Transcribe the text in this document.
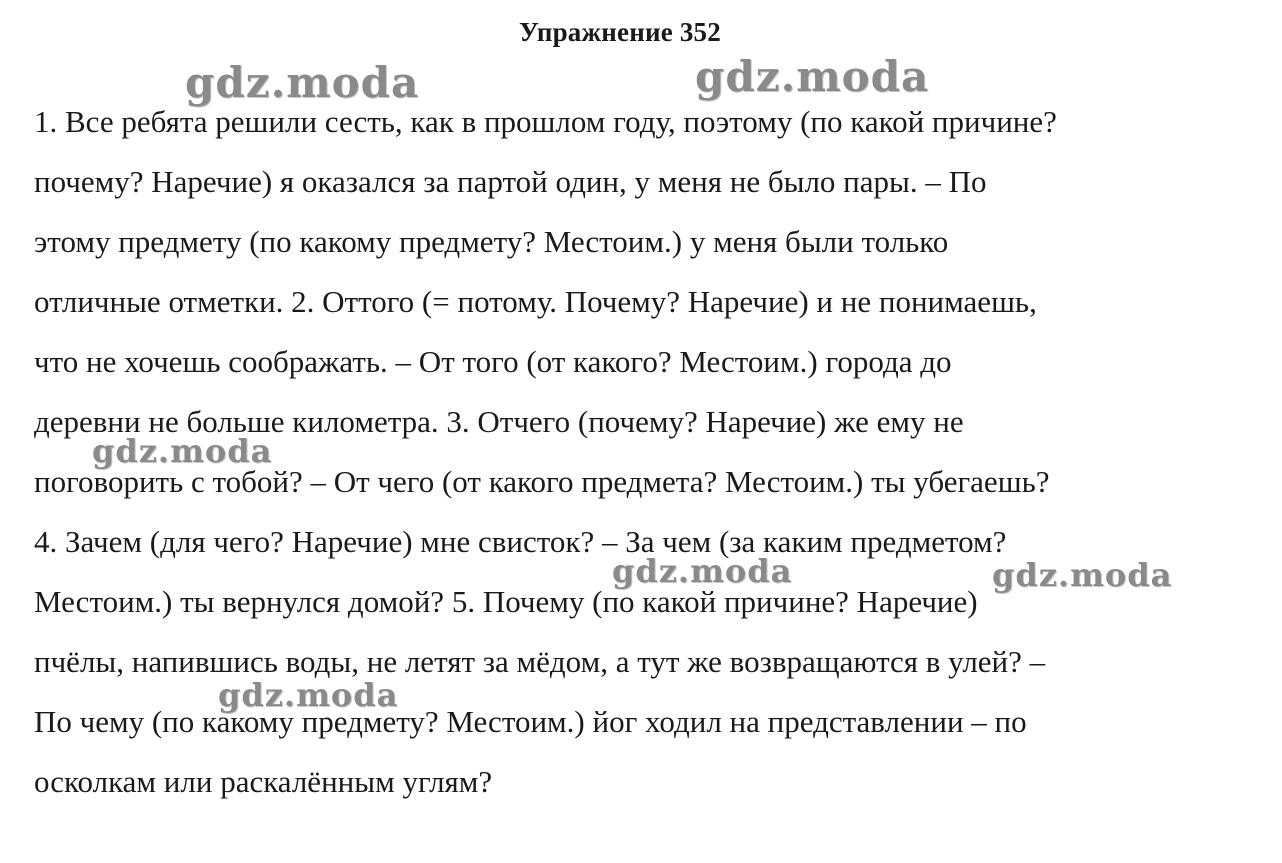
Упражнение 352
1. Все ребята решили сесть, как в прошлом году, поэтому (по какой причине?
почему? Наречие) я оказался за партой один, у меня не было пары. – По
этому предмету (по какому предмету? Местоим.) у меня были только
отличные отметки. 2. Оттого (= потому. Почему? Наречие) и не понимаешь,
что не хочешь соображать. – От того (от какого? Местоим.) города до
деревни не больше километра. 3. Отчего (почему? Наречие) же ему не
поговорить с тобой? – От чего (от какого предмета? Местоим.) ты убегаешь?
4. Зачем (для чего? Наречие) мне свисток? – За чем (за каким предметом?
Местоим.) ты вернулся домой? 5. Почему (по какой причине? Наречие)
пчёлы, напившись воды, не летят за мёдом, а тут же возвращаются в улей? –
По чему (по какому предмету? Местоим.) йог ходил на представлении – по
осколкам или раскалённым углям?
gdz.moda	gdz.moda
gdz.moda
gdz.moda	gdz.moda
gdz.moda
